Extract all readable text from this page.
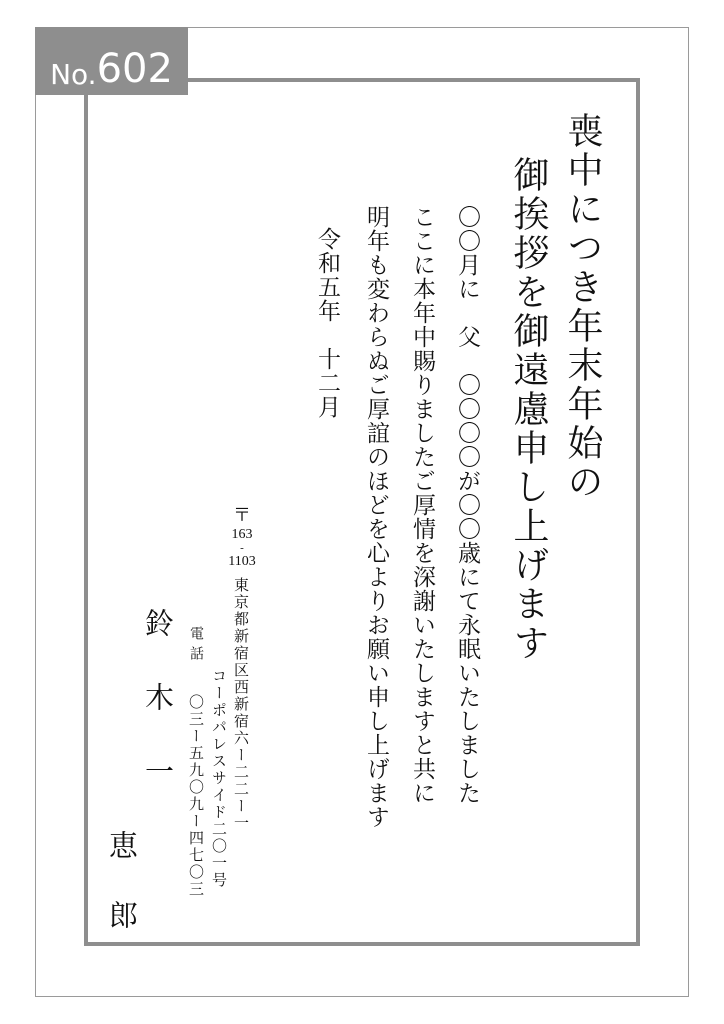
No. 602
喪中につき年末年始の
御挨拶を御遠慮申し上げます
〇〇月に　父　〇〇〇〇が〇〇歳にて永眠いたしました
ここに本年中賜りましたご厚情を深謝いたしますと共に
明年も変わらぬご厚誼のほどを心よりお願い申し上げます
令和五年　十二月
〒
163
-
1103
東京都新宿区西新宿六ー二二ー一
コーポパレスサイド二〇一号
電話
〇三ー五九〇九ー四七〇三
鈴　木　一
恵　郎
